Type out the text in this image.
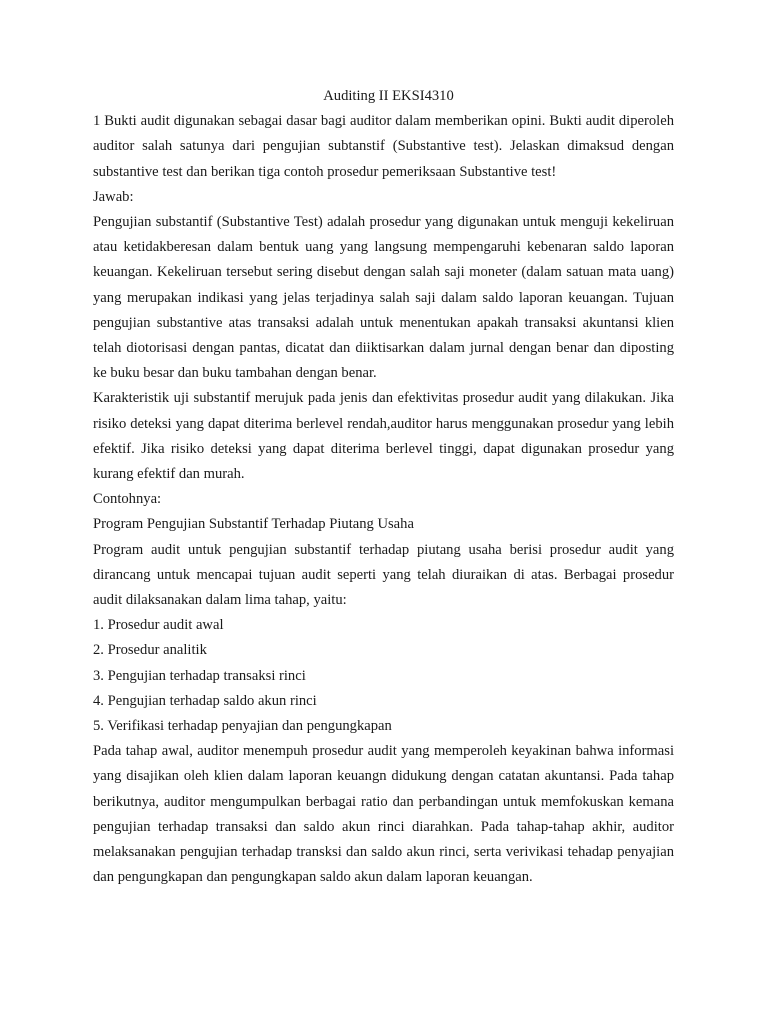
Auditing II EKSI4310

1 Bukti audit digunakan sebagai dasar bagi auditor dalam memberikan opini. Bukti audit diperoleh auditor salah satunya dari pengujian subtanstif (Substantive test). Jelaskan dimaksud dengan substantive test dan berikan tiga contoh prosedur pemeriksaan Substantive test!

Jawab:

Pengujian substantif (Substantive Test) adalah prosedur yang digunakan untuk menguji kekeliruan atau ketidakberesan dalam bentuk uang yang langsung mempengaruhi kebenaran saldo laporan keuangan. Kekeliruan tersebut sering disebut dengan salah saji moneter (dalam satuan mata uang) yang merupakan indikasi yang jelas terjadinya salah saji dalam saldo laporan keuangan. Tujuan pengujian substantive atas transaksi adalah untuk menentukan apakah transaksi akuntansi klien telah diotorisasi dengan pantas, dicatat dan diiktisarkan dalam jurnal dengan benar dan diposting ke buku besar dan buku tambahan dengan benar.

Karakteristik uji substantif merujuk pada jenis dan efektivitas prosedur audit yang dilakukan. Jika risiko deteksi yang dapat diterima berlevel rendah,auditor harus menggunakan prosedur yang lebih efektif. Jika risiko deteksi yang dapat diterima berlevel tinggi, dapat digunakan prosedur yang kurang efektif dan murah.

Contohnya:

Program Pengujian Substantif Terhadap Piutang Usaha

Program audit untuk pengujian substantif terhadap piutang usaha berisi prosedur audit yang dirancang untuk mencapai tujuan audit seperti yang telah diuraikan di atas. Berbagai prosedur audit dilaksanakan dalam lima tahap, yaitu:

1. Prosedur audit awal

2. Prosedur analitik

3. Pengujian terhadap transaksi rinci

4. Pengujian terhadap saldo akun rinci

5. Verifikasi terhadap penyajian dan pengungkapan

Pada tahap awal, auditor menempuh prosedur audit yang memperoleh keyakinan bahwa informasi yang disajikan oleh klien dalam laporan keuangn didukung dengan catatan akuntansi. Pada tahap berikutnya, auditor mengumpulkan berbagai ratio dan perbandingan untuk memfokuskan kemana pengujian terhadap transaksi dan saldo akun rinci diarahkan. Pada tahap-tahap akhir, auditor melaksanakan pengujian terhadap transksi dan saldo akun rinci, serta verivikasi tehadap penyajian dan pengungkapan dan pengungkapan saldo akun dalam laporan keuangan.
